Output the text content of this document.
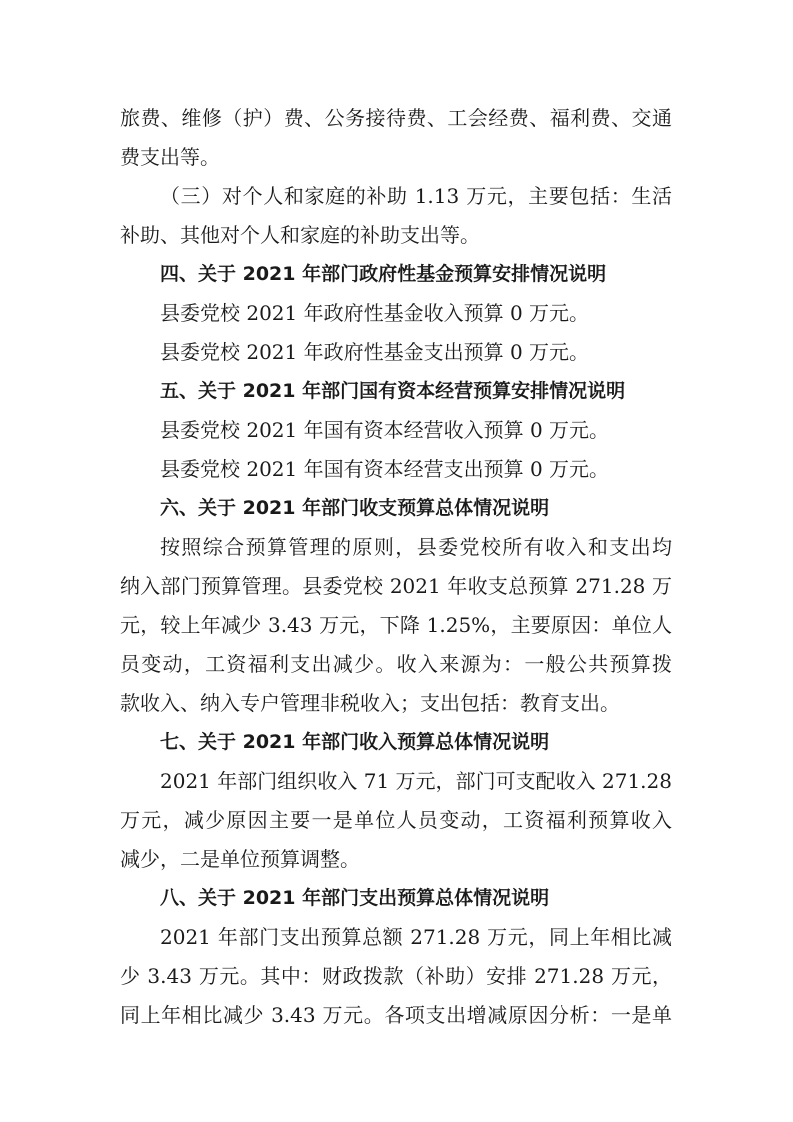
旅费、维修（护）费、公务接待费、工会经费、福利费、交通
费支出等。
（三）对个人和家庭的补助 1.13 万元，主要包括：生活
补助、其他对个人和家庭的补助支出等。
四、关于 2021 年部门政府性基金预算安排情况说明
县委党校 2021 年政府性基金收入预算 0 万元。
县委党校 2021 年政府性基金支出预算 0 万元。
五、关于 2021 年部门国有资本经营预算安排情况说明
县委党校 2021 年国有资本经营收入预算 0 万元。
县委党校 2021 年国有资本经营支出预算 0 万元。
六、关于 2021 年部门收支预算总体情况说明
按照综合预算管理的原则，县委党校所有收入和支出均
纳入部门预算管理。县委党校 2021 年收支总预算 271.28 万
元，较上年减少 3.43 万元，下降 1.25%，主要原因：单位人
员变动，工资福利支出减少。收入来源为：一般公共预算拨
款收入、纳入专户管理非税收入；支出包括：教育支出。
七、关于 2021 年部门收入预算总体情况说明
2021 年部门组织收入 71 万元，部门可支配收入 271.28
万元，减少原因主要一是单位人员变动，工资福利预算收入
减少，二是单位预算调整。
八、关于 2021 年部门支出预算总体情况说明
2021 年部门支出预算总额 271.28 万元，同上年相比减
少 3.43 万元。其中：财政拨款（补助）安排 271.28 万元，
同上年相比减少 3.43 万元。各项支出增减原因分析：一是单
